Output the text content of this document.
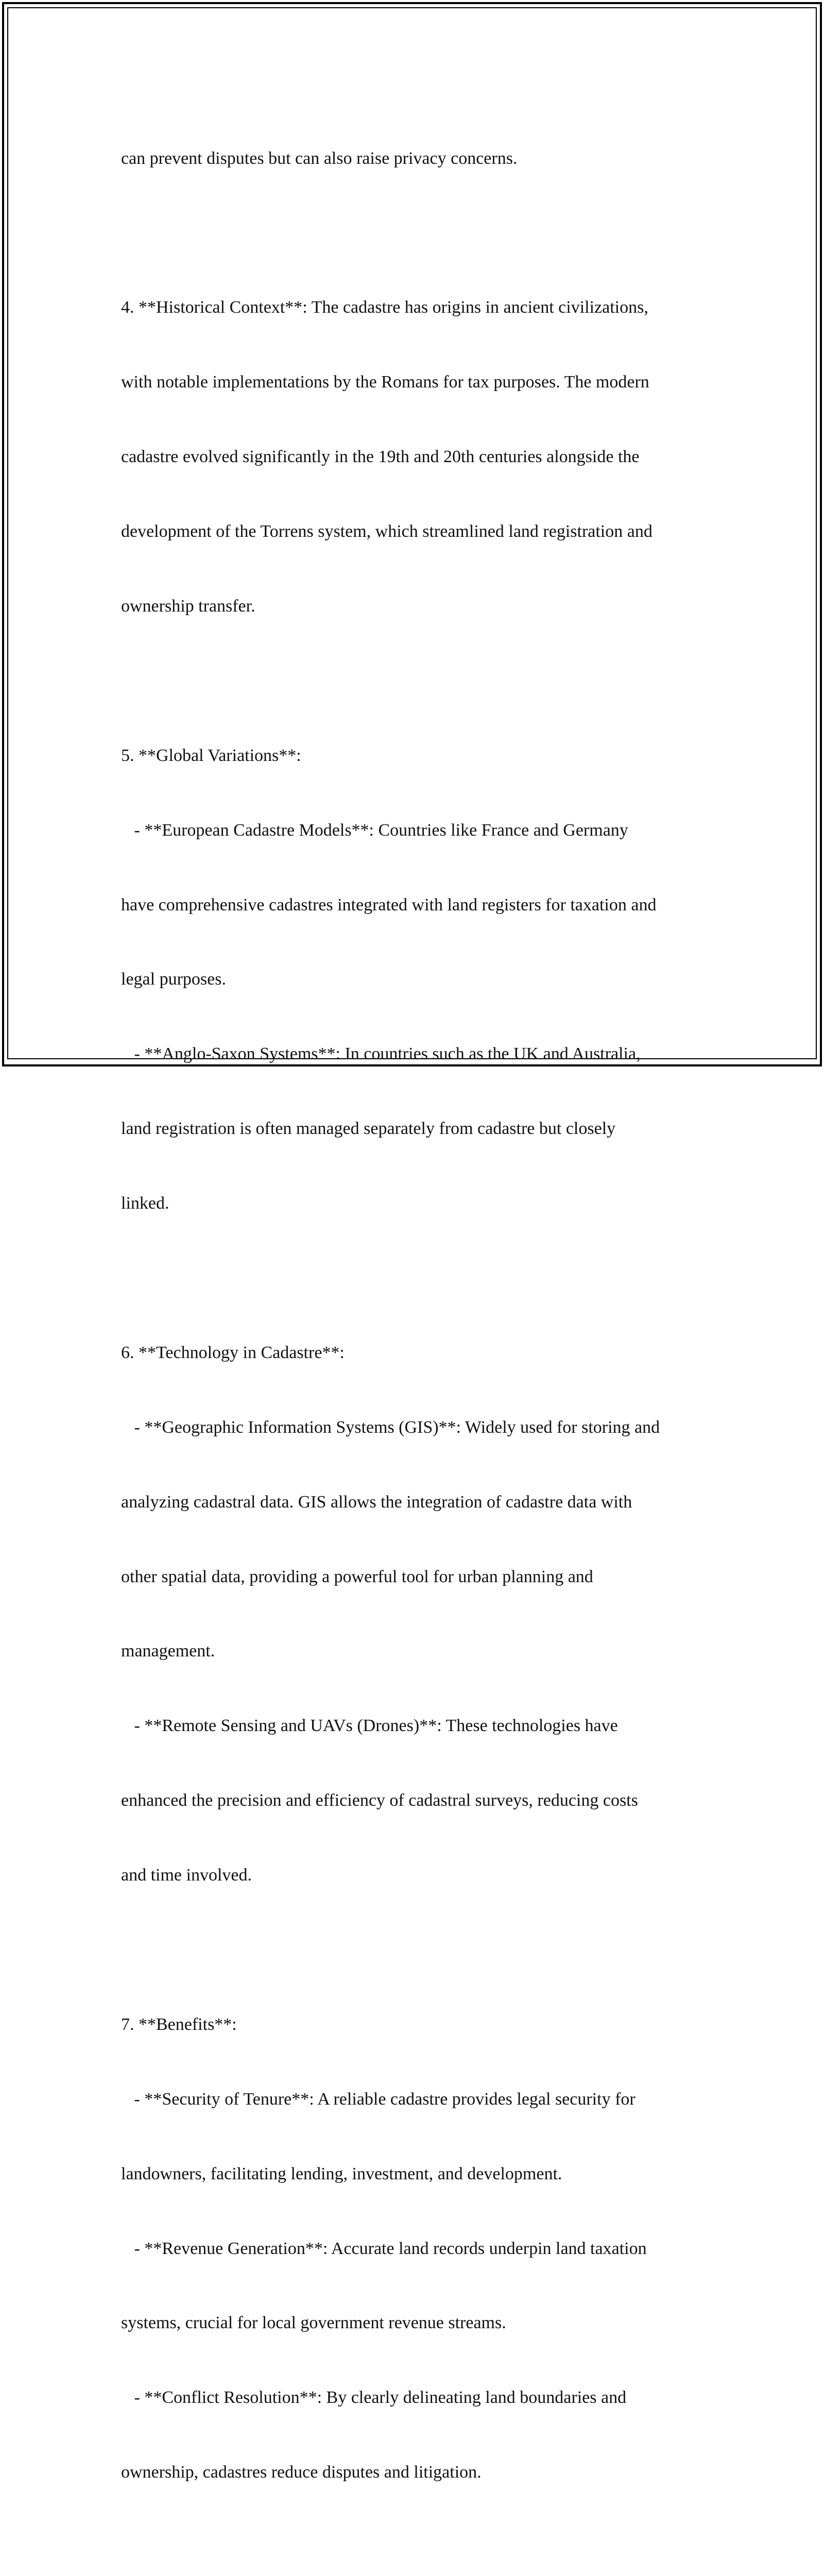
can prevent disputes but can also raise privacy concerns.

4. **Historical Context**: The cadastre has origins in ancient civilizations,

with notable implementations by the Romans for tax purposes. The modern

cadastre evolved significantly in the 19th and 20th centuries alongside the

development of the Torrens system, which streamlined land registration and

ownership transfer.

5. **Global Variations**:

- **European Cadastre Models**: Countries like France and Germany

have comprehensive cadastres integrated with land registers for taxation and

legal purposes.

- **Anglo-Saxon Systems**: In countries such as the UK and Australia,

land registration is often managed separately from cadastre but closely

linked.

6. **Technology in Cadastre**:

- **Geographic Information Systems (GIS)**: Widely used for storing and

analyzing cadastral data. GIS allows the integration of cadastre data with

other spatial data, providing a powerful tool for urban planning and

management.

- **Remote Sensing and UAVs (Drones)**: These technologies have

enhanced the precision and efficiency of cadastral surveys, reducing costs

and time involved.

7. **Benefits**:

- **Security of Tenure**: A reliable cadastre provides legal security for

landowners, facilitating lending, investment, and development.

- **Revenue Generation**: Accurate land records underpin land taxation

systems, crucial for local government revenue streams.

- **Conflict Resolution**: By clearly delineating land boundaries and

ownership, cadastres reduce disputes and litigation.
